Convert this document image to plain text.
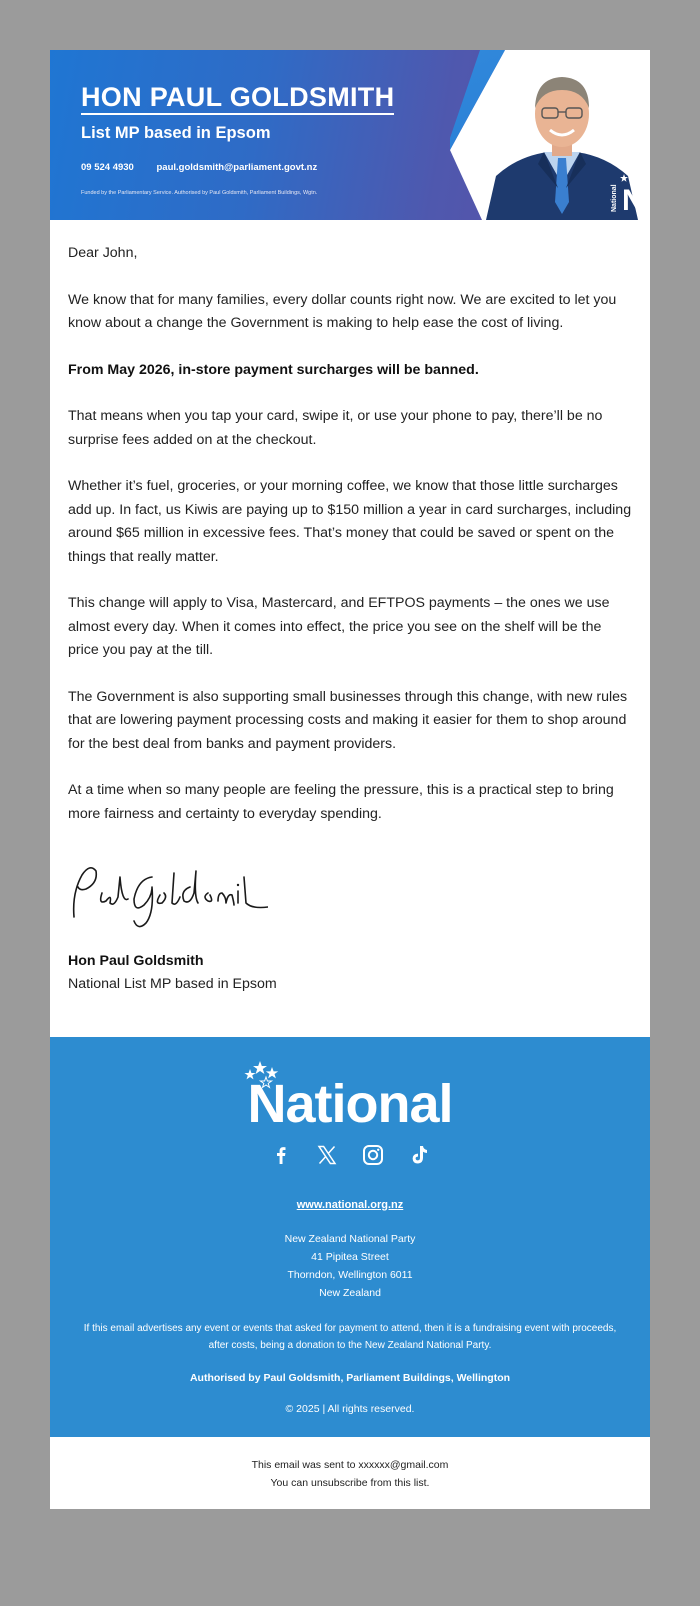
HON PAUL GOLDSMITH
List MP based in Epsom
09 524 4930 paul.goldsmith@parliament.govt.nz
Funded by the Parliamentary Service. Authorised by Paul Goldsmith, Parliament Buildings, Wgtn.	National N

Dear John,

We know that for many families, every dollar counts right now. We are excited to let you know about a change the Government is making to help ease the cost of living.

From May 2026, in-store payment surcharges will be banned.

That means when you tap your card, swipe it, or use your phone to pay, there’ll be no surprise fees added on at the checkout.

Whether it’s fuel, groceries, or your morning coffee, we know that those little surcharges add up. In fact, us Kiwis are paying up to $150 million a year in card surcharges, including around $65 million in excessive fees. That’s money that could be saved or spent on the things that really matter.

This change will apply to Visa, Mastercard, and EFTPOS payments – the ones we use almost every day. When it comes into effect, the price you see on the shelf will be the price you pay at the till.

The Government is also supporting small businesses through this change, with new rules that are lowering payment processing costs and making it easier for them to shop around for the best deal from banks and payment providers.

At a time when so many people are feeling the pressure, this is a practical step to bring more fairness and certainty to everyday spending.

Hon Paul Goldsmith
National List MP based in Epsom
National
www.national.org.nz
New Zealand National Party
41 Pipitea Street
Thorndon, Wellington 6011
New Zealand
If this email advertises any event or events that asked for payment to attend, then it is a fundraising event with proceeds, after costs, being a donation to the New Zealand National Party.
Authorised by Paul Goldsmith, Parliament Buildings, Wellington
© 2025 | All rights reserved.
This email was sent to xxxxxx@gmail.com
You can unsubscribe from this list.
